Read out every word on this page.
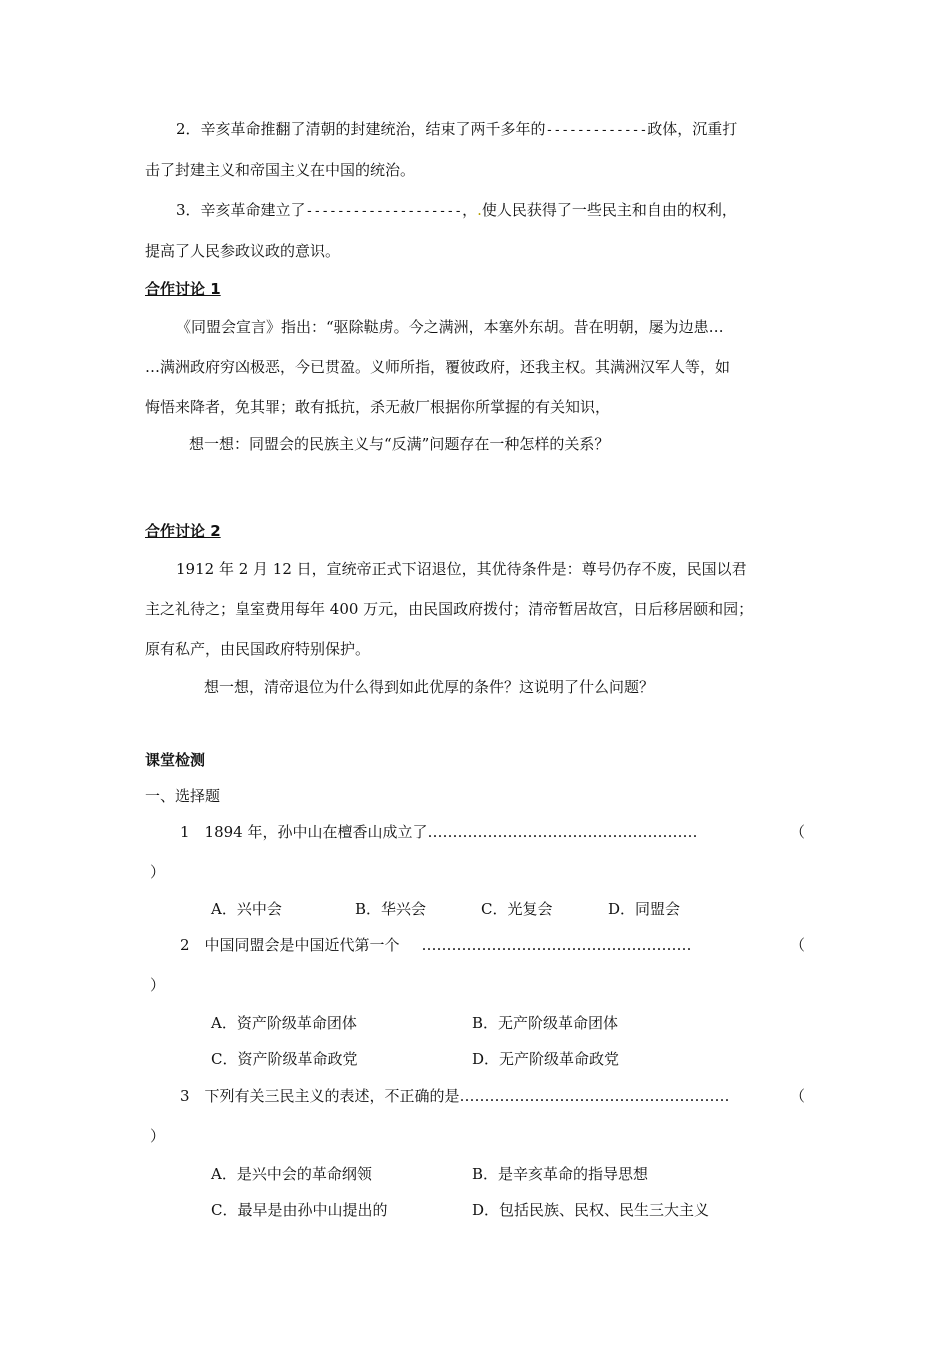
2．辛亥革命推翻了清朝的封建统治，结束了两千多年的-------------政体，沉重打
击了封建主义和帝国主义在中国的统治。
3．辛亥革命建立了--------------------，.使人民获得了一些民主和自由的权利，
提高了人民参政议政的意识。
合作讨论 1
《同盟会宣言》指出：“驱除鞑虏。今之满洲，本塞外东胡。昔在明朝，屡为边患…
…满洲政府穷凶极恶，今已贯盈。义师所指，覆彼政府，还我主权。其满洲汉军人等，如
悔悟来降者，免其罪；敢有抵抗，杀无赦厂根据你所掌握的有关知识，
想一想：同盟会的民族主义与“反满”问题存在一种怎样的关系？
合作讨论 2
1912 年 2 月 12 日，宣统帝正式下诏退位，其优待条件是：尊号仍存不废，民国以君
主之礼待之；皇室费用每年 400 万元，由民国政府拨付；清帝暂居故宫，日后移居颐和园；
原有私产，由民国政府特别保护。
想一想，清帝退位为什么得到如此优厚的条件？这说明了什么问题？
课堂检测
一、选择题
1　1894 年，孙中山在檀香山成立了………………………………………………	（
）
A．兴中会	B．华兴会	C．光复会	D．同盟会
2　中国同盟会是中国近代第一个 ………………………………………………	（
）
A．资产阶级革命团体	B．无产阶级革命团体
C．资产阶级革命政党	D．无产阶级革命政党
3　下列有关三民主义的表述，不正确的是………………………………………………	（
）
A．是兴中会的革命纲领	B．是辛亥革命的指导思想
C．最早是由孙中山提出的	D．包括民族、民权、民生三大主义
